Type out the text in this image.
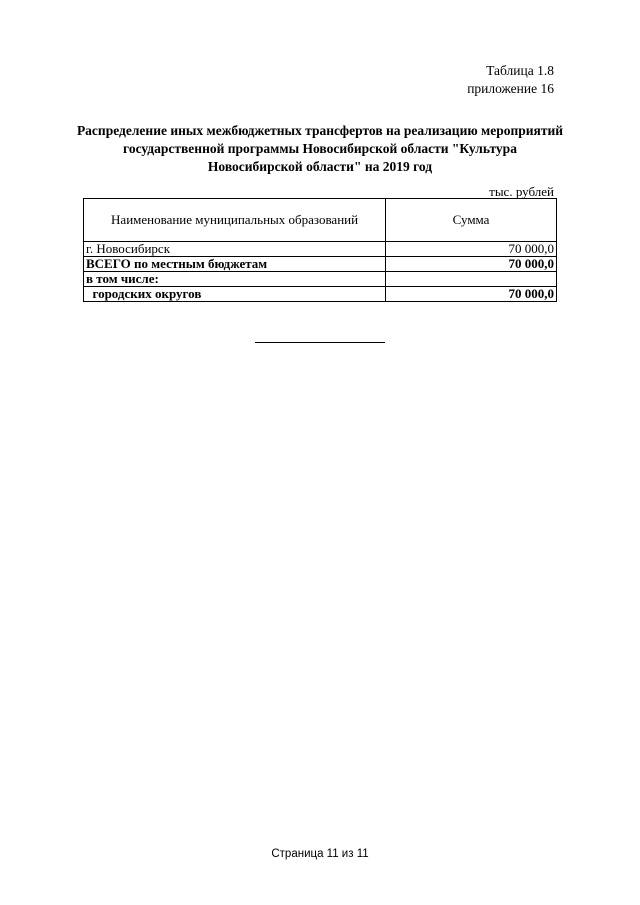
Таблица 1.8
приложение 16
Распределение иных межбюджетных трансфертов на реализацию мероприятий
государственной программы Новосибирской области "Культура
Новосибирской области" на 2019 год
тыс. рублей
Наименование муниципальных образований	Сумма
г. Новосибирск	70 000,0
ВСЕГО по местным бюджетам	70 000,0
в том числе:	
городских округов	70 000,0
Страница 11 из 11
